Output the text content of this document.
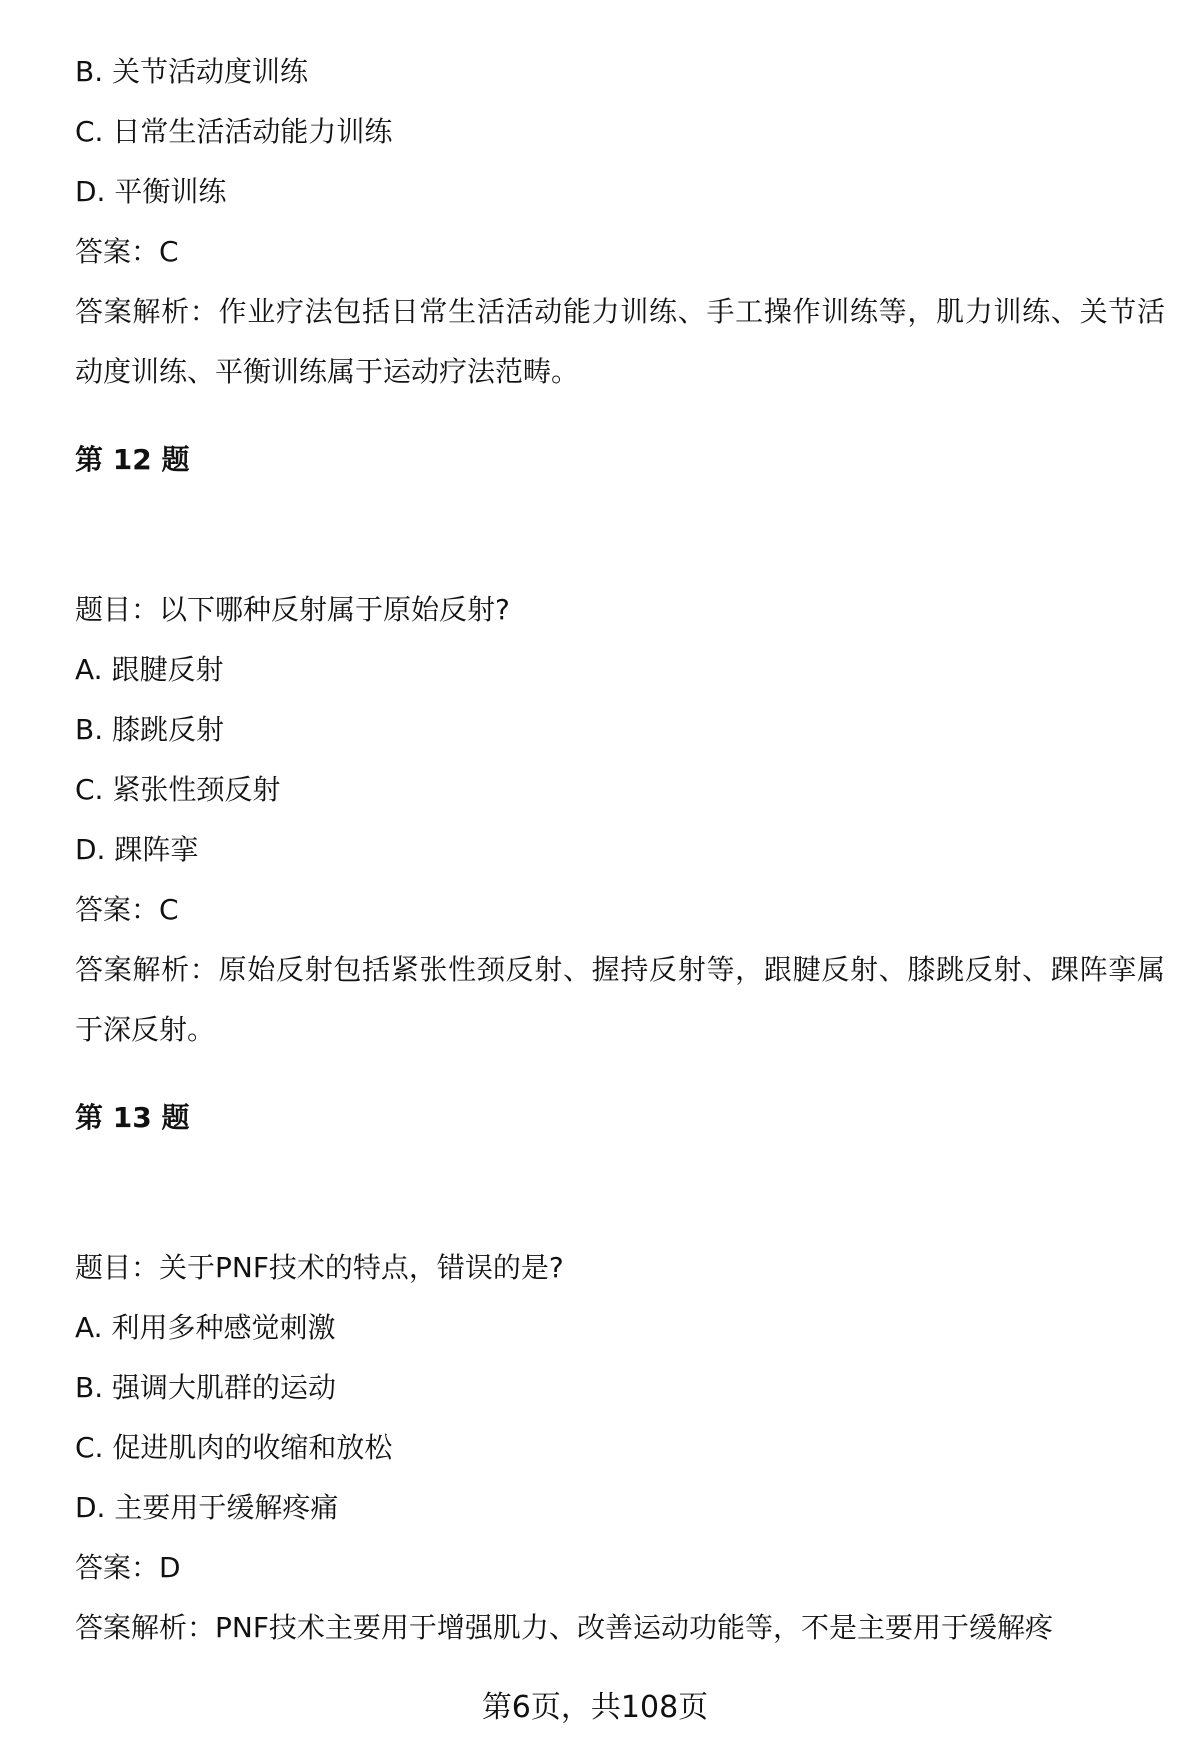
B. 关节活动度训练
C. 日常生活活动能力训练
D. 平衡训练
答案：C
答案解析：作业疗法包括日常生活活动能力训练、手工操作训练等，肌力训练、关节活动度训练、平衡训练属于运动疗法范畴。
第 12 题
题目：以下哪种反射属于原始反射?
A. 跟腱反射
B. 膝跳反射
C. 紧张性颈反射
D. 踝阵挛
答案：C
答案解析：原始反射包括紧张性颈反射、握持反射等，跟腱反射、膝跳反射、踝阵挛属于深反射。
第 13 题
题目：关于PNF技术的特点，错误的是?
A. 利用多种感觉刺激
B. 强调大肌群的运动
C. 促进肌肉的收缩和放松
D. 主要用于缓解疼痛
答案：D
答案解析：PNF技术主要用于增强肌力、改善运动功能等，不是主要用于缓解疼
第6页，共108页
